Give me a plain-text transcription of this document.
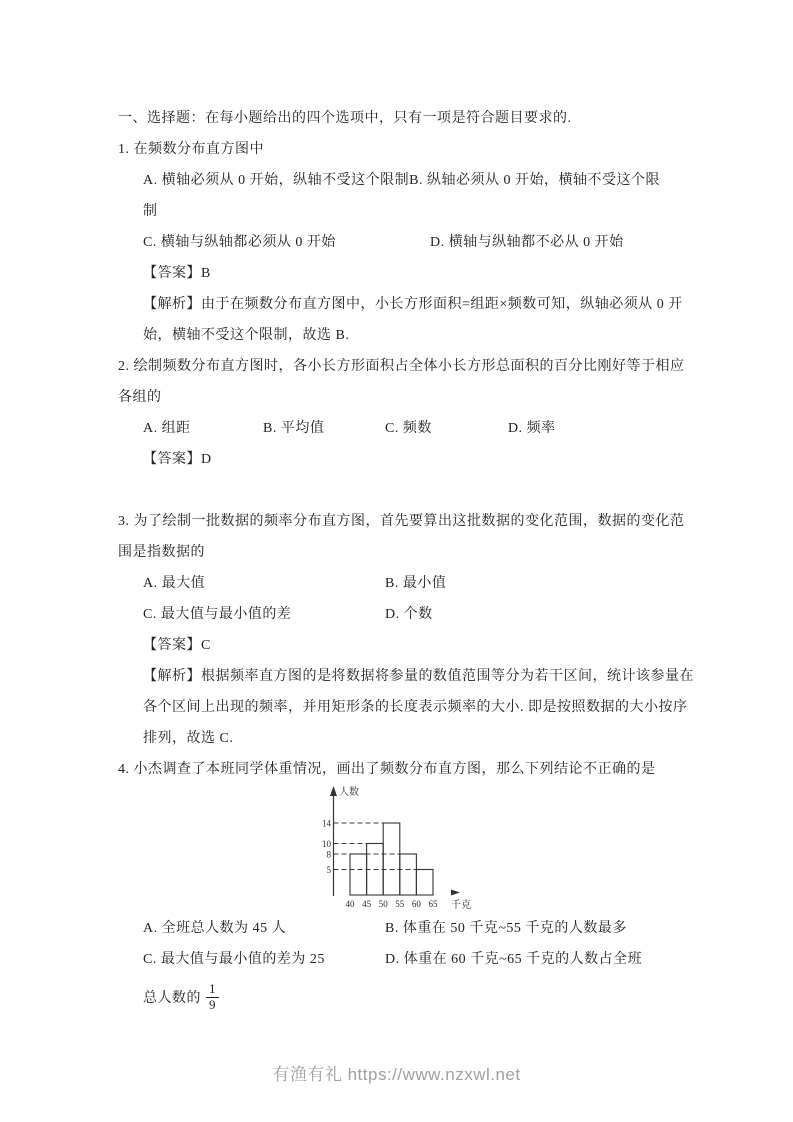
一、选择题：在每小题给出的四个选项中，只有一项是符合题目要求的.
1. 在频数分布直方图中
A. 横轴必须从 0 开始，纵轴不受这个限制 B. 纵轴必须从 0 开始，横轴不受这个限
制
C. 横轴与纵轴都必须从 0 开始	D. 横轴与纵轴都不必从 0 开始
【答案】B
【解析】由于在频数分布直方图中，小长方形面积=组距×频数可知，纵轴必须从 0 开
始，横轴不受这个限制，故选 B.
2. 绘制频数分布直方图时，各小长方形面积占全体小长方形总面积的百分比刚好等于相应
各组的
A. 组距	B. 平均值	C. 频数	D. 频率
【答案】D
3. 为了绘制一批数据的频率分布直方图，首先要算出这批数据的变化范围，数据的变化范
围是指数据的
A. 最大值	B. 最小值
C. 最大值与最小值的差	D. 个数
【答案】C
【解析】根据频率直方图的是将数据将参量的数值范围等分为若干区间，统计该参量在
各个区间上出现的频率，并用矩形条的长度表示频率的大小. 即是按照数据的大小按序
排列，故选 C.
4. 小杰调查了本班同学体重情况，画出了频数分布直方图，那么下列结论不正确的是
人数
14
10
8
5
40 45 50 55 60 65 千克
A. 全班总人数为 45 人	B. 体重在 50 千克~55 千克的人数最多
C. 最大值与最小值的差为 25	D. 体重在 60 千克~65 千克的人数占全班
总人数的 $\frac{1}{9}$
有渔有礼 https://www.nzxwl.net
